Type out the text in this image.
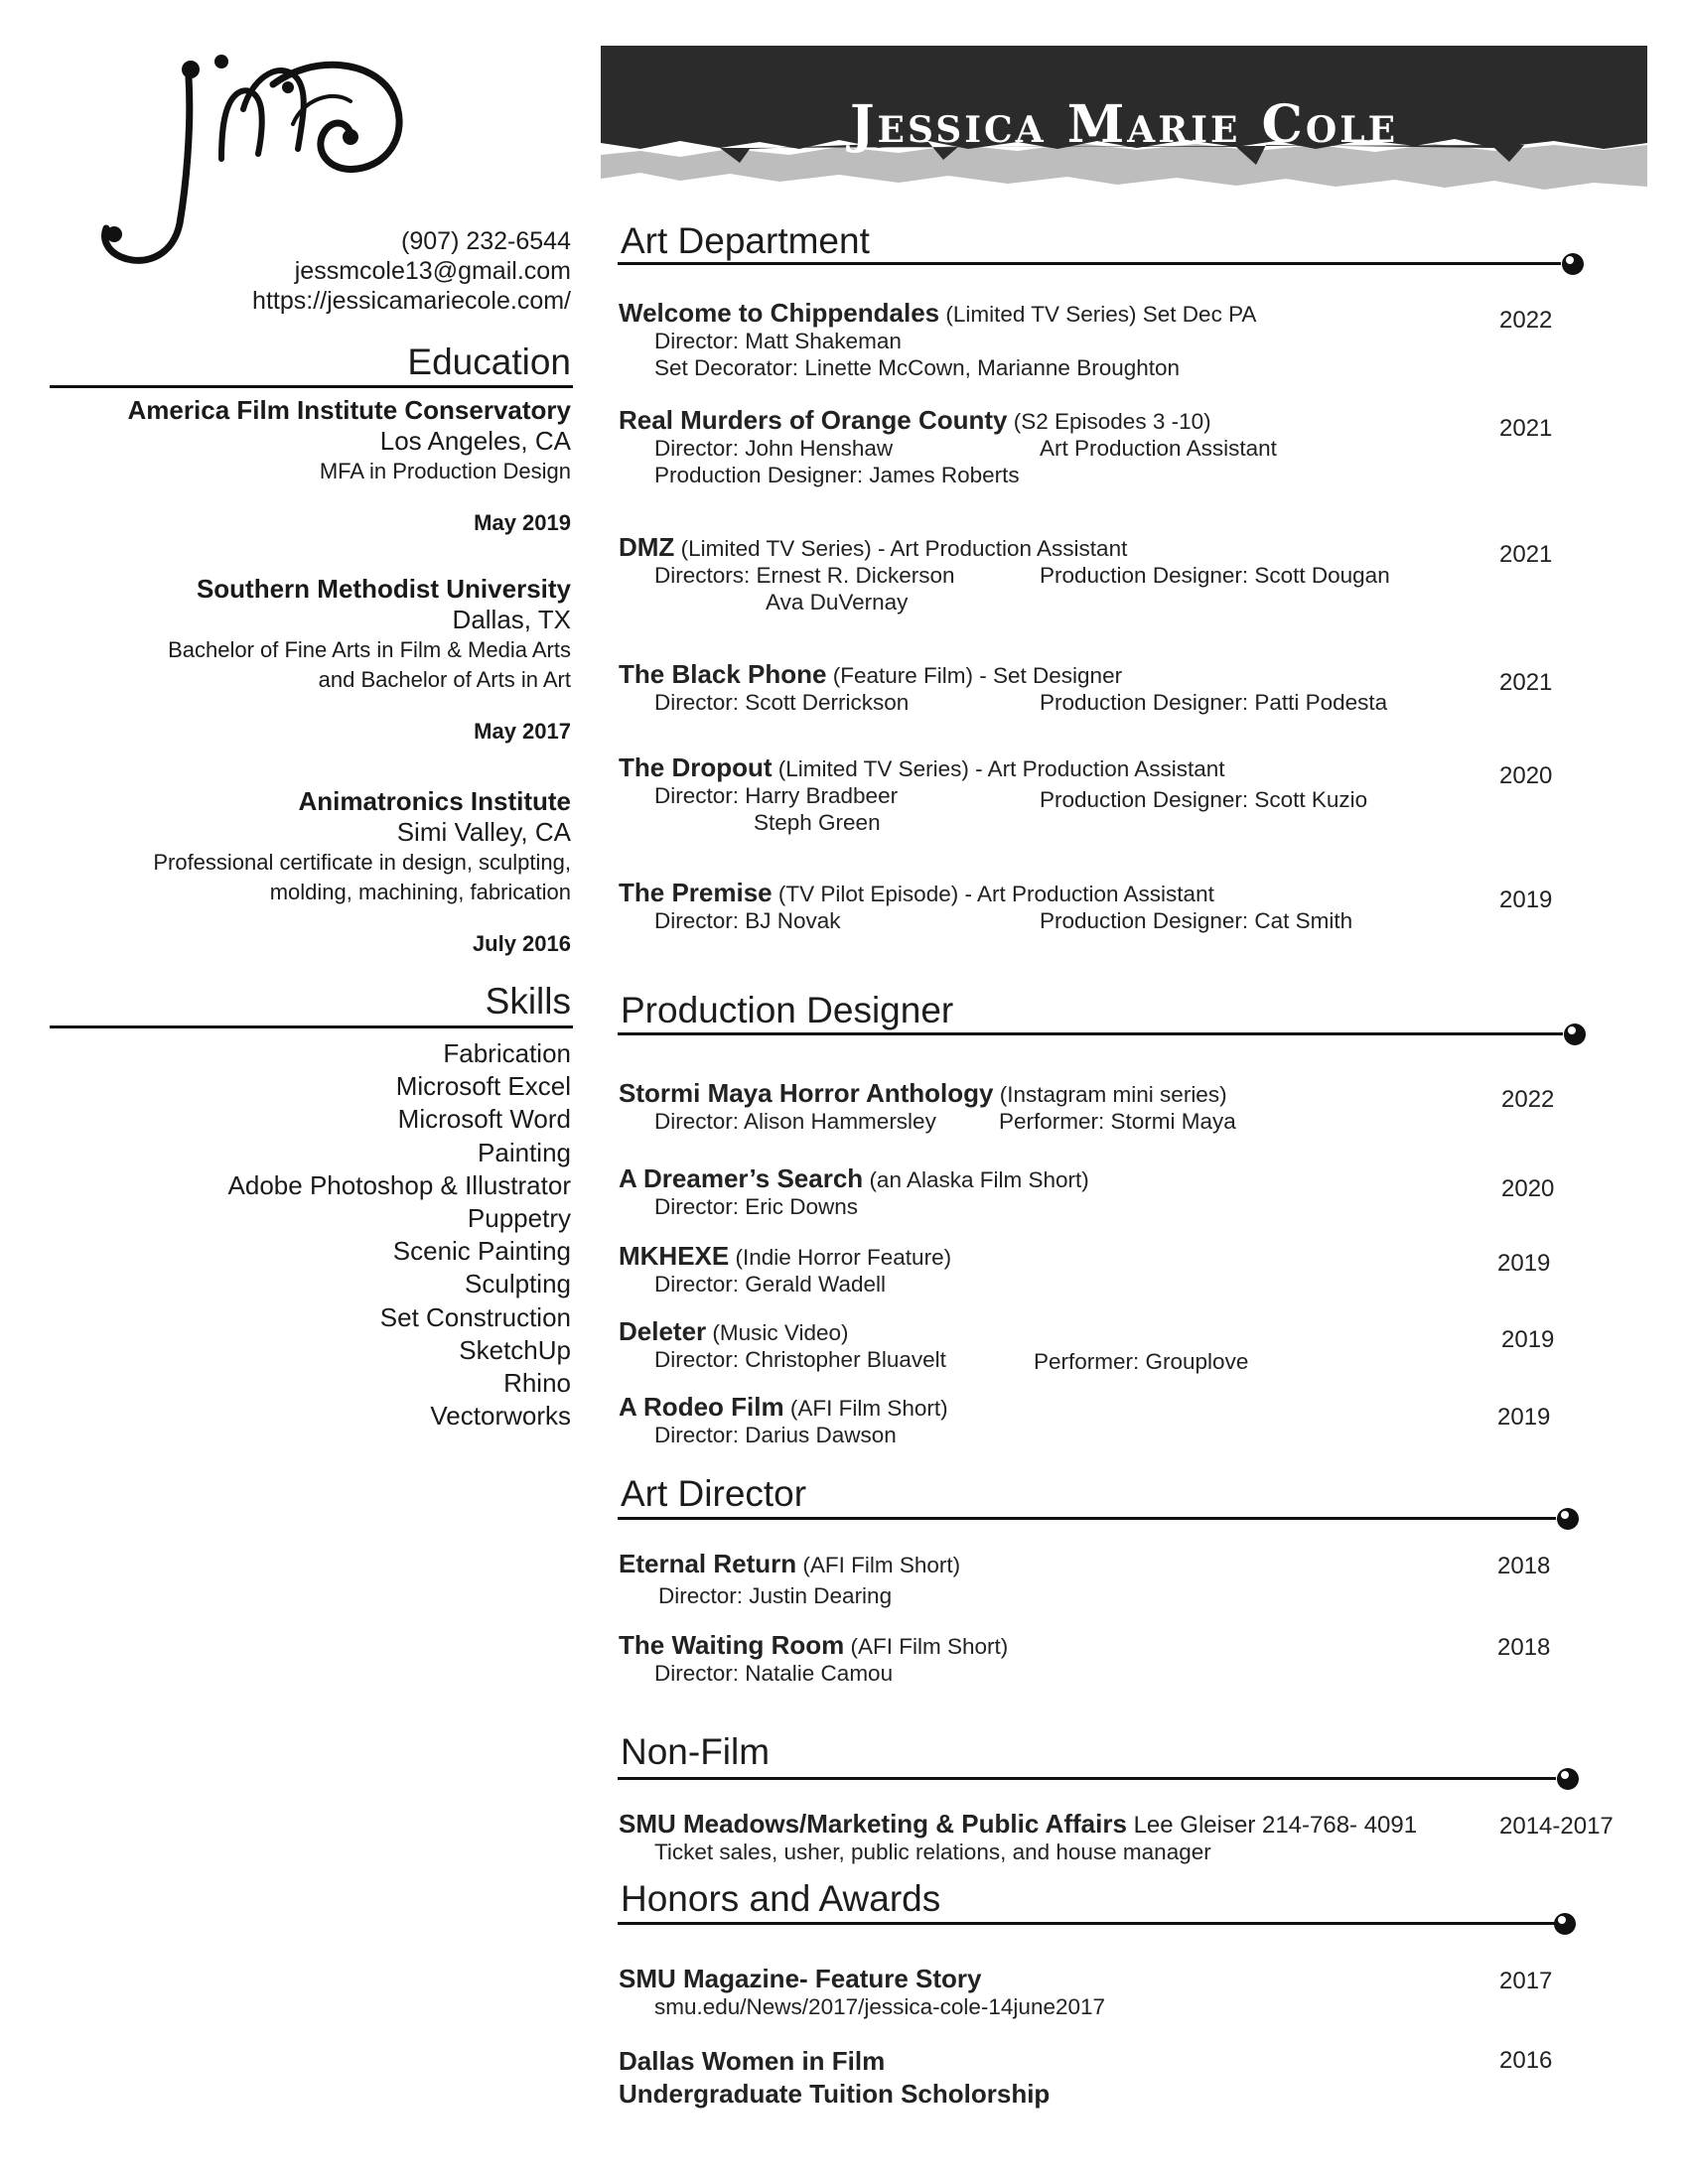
JMC
(907) 232-6544
jessmcole13@gmail.com
https://jessicamariecole.com/
Education
America Film Institute Conservatory
Los Angeles, CA
MFA in Production Design
May 2019
Southern Methodist University
Dallas, TX
Bachelor of Fine Arts in Film & Media Arts
and Bachelor of Arts in Art
May 2017
Animatronics Institute
Simi Valley, CA
Professional certificate in design, sculpting,
molding, machining, fabrication
July 2016
Skills
Fabrication
Microsoft Excel
Microsoft Word
Painting
Adobe Photoshop & Illustrator
Puppetry
Scenic Painting
Sculpting
Set Construction
SketchUp
Rhino
Vectorworks
Jessica Marie Cole
Art Department
Welcome to Chippendales (Limited TV Series) Set Dec PA
Director: Matt Shakeman
Set Decorator: Linette McCown, Marianne Broughton
2022
Real Murders of Orange County (S2 Episodes 3 -10)
Director: John Henshaw	Art Production Assistant
Production Designer: James Roberts
2021
DMZ (Limited TV Series) - Art Production Assistant
Directors: Ernest R. Dickerson	Production Designer: Scott Dougan
Ava DuVernay
2021
The Black Phone (Feature Film) - Set Designer
Director: Scott Derrickson	Production Designer: Patti Podesta
2021
The Dropout (Limited TV Series) - Art Production Assistant
Director: Harry Bradbeer	Production Designer: Scott Kuzio
Steph Green
2020
The Premise (TV Pilot Episode) - Art Production Assistant
Director: BJ Novak	Production Designer: Cat Smith
2019
Production Designer
Stormi Maya Horror Anthology (Instagram mini series)
Director: Alison Hammersley	Performer: Stormi Maya
2022
A Dreamer’s Search (an Alaska Film Short)
Director: Eric Downs
2020
MKHEXE (Indie Horror Feature)
Director: Gerald Wadell
2019
Deleter (Music Video)
Director: Christopher Bluavelt	Performer: Grouplove
2019
A Rodeo Film (AFI Film Short)
Director: Darius Dawson
2019
Art Director
Eternal Return (AFI Film Short)
Director: Justin Dearing
2018
The Waiting Room (AFI Film Short)
Director: Natalie Camou
2018
Non-Film
SMU Meadows/Marketing & Public Affairs Lee Gleiser 214-768- 4091
Ticket sales, usher, public relations, and house manager
2014-2017
Honors and Awards
SMU Magazine- Feature Story
smu.edu/News/2017/jessica-cole-14june2017
2017
Dallas Women in Film
Undergraduate Tuition Scholorship
2016
